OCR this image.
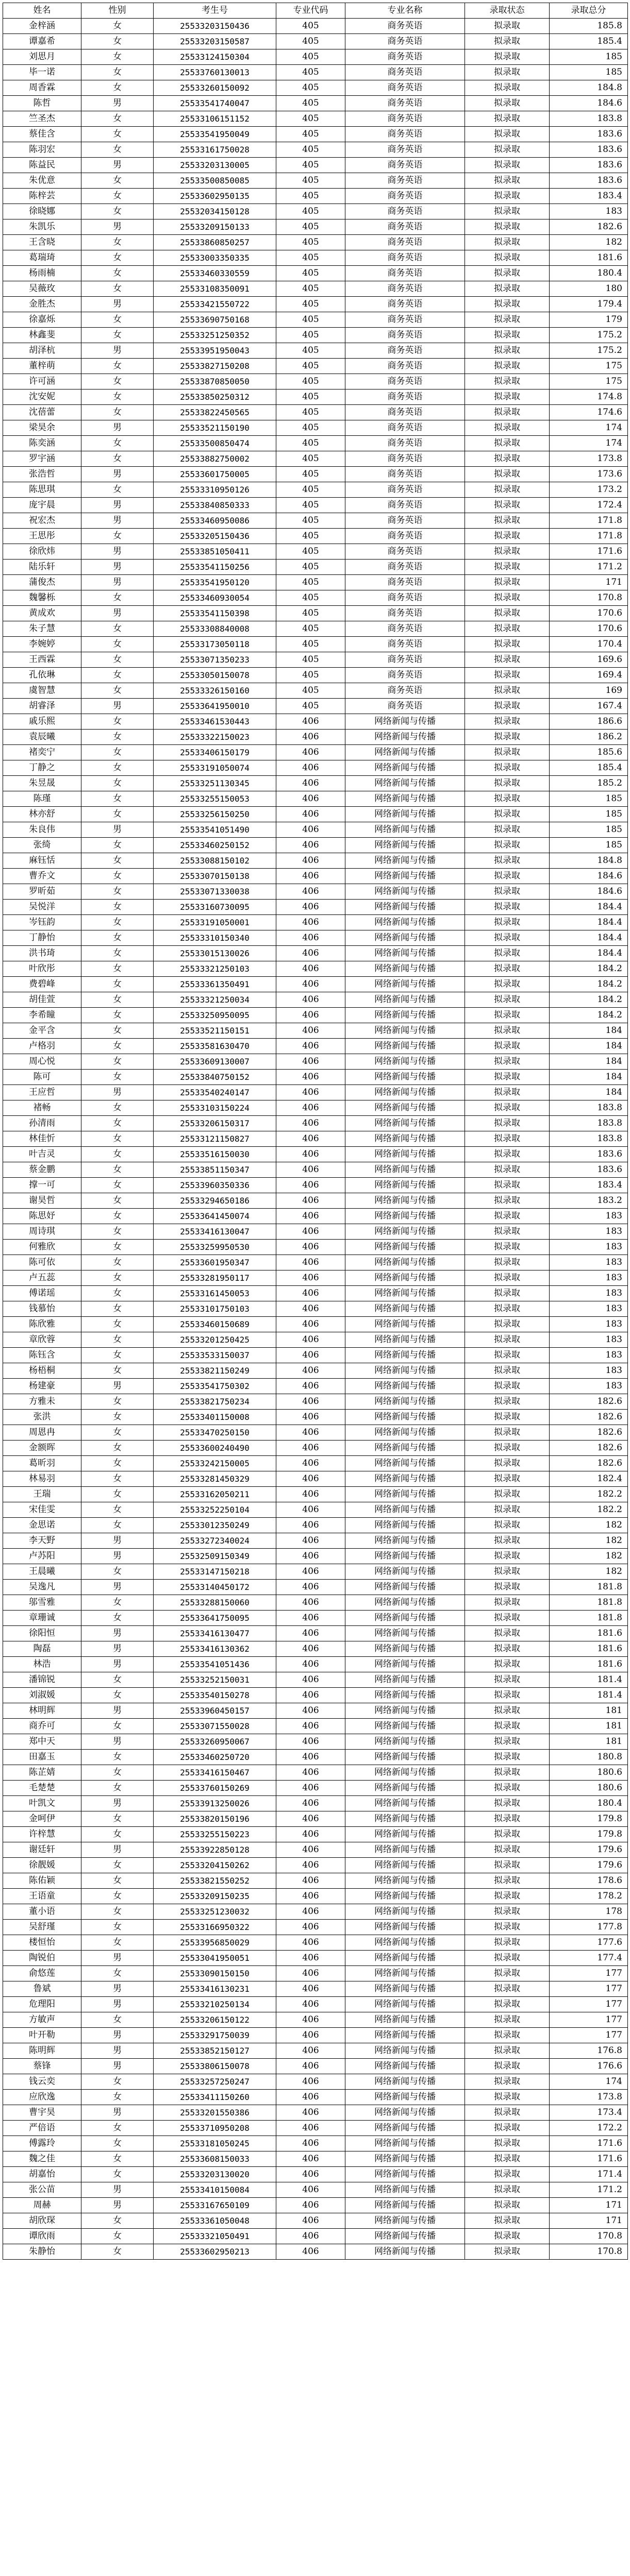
姓名	性别	考生号	专业代码	专业名称	录取状态	录取总分
金梓涵	女	25533203150436	405	商务英语	拟录取	185.8
谭嘉希	女	25533203150587	405	商务英语	拟录取	185.4
刘思月	女	25533124150304	405	商务英语	拟录取	185
毕一诺	女	25533760130013	405	商务英语	拟录取	185
周香霖	女	25533260150092	405	商务英语	拟录取	184.8
陈哲	男	25533541740047	405	商务英语	拟录取	184.6
竺圣杰	女	25533106151152	405	商务英语	拟录取	183.8
蔡佳含	女	25533541950049	405	商务英语	拟录取	183.6
陈羽宏	女	25533161750028	405	商务英语	拟录取	183.6
陈益民	男	25533203130005	405	商务英语	拟录取	183.6
朱优意	女	25533500850085	405	商务英语	拟录取	183.6
陈梓芸	女	25533602950135	405	商务英语	拟录取	183.4
徐晓娜	女	25532034150128	405	商务英语	拟录取	183
朱凯乐	男	25533209150133	405	商务英语	拟录取	182.6
王含晓	女	25533860850257	405	商务英语	拟录取	182
葛瑞琦	女	25533003350335	405	商务英语	拟录取	181.6
杨雨楠	女	25533460330559	405	商务英语	拟录取	180.4
吴薇玫	女	25533108350091	405	商务英语	拟录取	180
金胜杰	男	25533421550722	405	商务英语	拟录取	179.4
徐嘉烁	女	25533690750168	405	商务英语	拟录取	179
林鑫斐	女	25533251250352	405	商务英语	拟录取	175.2
胡泽杭	男	25533951950043	405	商务英语	拟录取	175.2
董梓萌	女	25533827150208	405	商务英语	拟录取	175
许可涵	女	25533870850050	405	商务英语	拟录取	175
沈安妮	女	25533850250312	405	商务英语	拟录取	174.8
沈蓓蕾	女	25533822450565	405	商务英语	拟录取	174.6
梁昊余	男	25533521150190	405	商务英语	拟录取	174
陈奕涵	女	25533500850474	405	商务英语	拟录取	174
罗宇涵	女	25533882750002	405	商务英语	拟录取	173.8
张浩哲	男	25533601750005	405	商务英语	拟录取	173.6
陈思琪	女	25533310950126	405	商务英语	拟录取	173.2
庞宇晨	男	25533840850333	405	商务英语	拟录取	172.4
祝宏杰	男	25533460950086	405	商务英语	拟录取	171.8
王思彤	女	25533205150436	405	商务英语	拟录取	171.8
徐欣炜	男	25533851050411	405	商务英语	拟录取	171.6
陆乐轩	男	25533541150256	405	商务英语	拟录取	171.2
蒲俊杰	男	25533541950120	405	商务英语	拟录取	171
魏馨栎	女	25533460930054	405	商务英语	拟录取	170.8
黄成欢	男	25533541150398	405	商务英语	拟录取	170.6
朱子慧	女	25533308840008	405	商务英语	拟录取	170.6
李婉婷	女	25533173050118	405	商务英语	拟录取	170.4
王西霖	女	25533071350233	405	商务英语	拟录取	169.6
孔依琳	女	25533050150078	405	商务英语	拟录取	169.4
虞智慧	女	25533326150160	405	商务英语	拟录取	169
胡睿泽	男	25533641950010	405	商务英语	拟录取	167.4
戚乐熙	女	25533461530443	406	网络新闻与传播	拟录取	186.6
袁辰曦	女	25533322150023	406	网络新闻与传播	拟录取	186.2
褚奕宁	女	25533406150179	406	网络新闻与传播	拟录取	185.6
丁静之	女	25533191050074	406	网络新闻与传播	拟录取	185.4
朱昱晟	女	25533251130345	406	网络新闻与传播	拟录取	185.2
陈瑾	女	25533255150053	406	网络新闻与传播	拟录取	185
林亦舒	女	25533256150250	406	网络新闻与传播	拟录取	185
朱良伟	男	25533541051490	406	网络新闻与传播	拟录取	185
张绮	女	25533460250152	406	网络新闻与传播	拟录取	185
麻钰恬	女	25533088150102	406	网络新闻与传播	拟录取	184.8
曹乔文	女	25533070150138	406	网络新闻与传播	拟录取	184.6
罗昕茹	女	25533071330038	406	网络新闻与传播	拟录取	184.6
吴悦洋	女	25533160730095	406	网络新闻与传播	拟录取	184.4
岑钰韵	女	25533191050001	406	网络新闻与传播	拟录取	184.4
丁静怡	女	25533310150340	406	网络新闻与传播	拟录取	184.4
洪书琦	女	25533015130026	406	网络新闻与传播	拟录取	184.4
叶欣彤	女	25533321250103	406	网络新闻与传播	拟录取	184.2
费碧峰	女	25533361350491	406	网络新闻与传播	拟录取	184.2
胡佳萱	女	25533321250034	406	网络新闻与传播	拟录取	184.2
李希瞳	女	25533250950095	406	网络新闻与传播	拟录取	184.2
金平含	女	25533521150151	406	网络新闻与传播	拟录取	184
卢格羽	女	25533581630470	406	网络新闻与传播	拟录取	184
周心悦	女	25533609130007	406	网络新闻与传播	拟录取	184
陈可	女	25533840750152	406	网络新闻与传播	拟录取	184
王应哲	男	25533540240147	406	网络新闻与传播	拟录取	184
褚畅	女	25533103150224	406	网络新闻与传播	拟录取	183.8
孙清雨	女	25533206150317	406	网络新闻与传播	拟录取	183.8
林佳忻	女	25533121150827	406	网络新闻与传播	拟录取	183.8
叶吉灵	女	25533516150030	406	网络新闻与传播	拟录取	183.6
蔡金鹏	女	25533851150347	406	网络新闻与传播	拟录取	183.6
撑一可	女	25533960350336	406	网络新闻与传播	拟录取	183.4
谢昊哲	女	25533294650186	406	网络新闻与传播	拟录取	183.2
陈思妤	女	25533641450074	406	网络新闻与传播	拟录取	183
周诗琪	女	25533416130047	406	网络新闻与传播	拟录取	183
何雅欣	女	25533259950530	406	网络新闻与传播	拟录取	183
陈可依	女	25533601950347	406	网络新闻与传播	拟录取	183
卢五蕊	女	25533281950117	406	网络新闻与传播	拟录取	183
傅诺瑶	女	25533161450053	406	网络新闻与传播	拟录取	183
钱慕怡	女	25533101750103	406	网络新闻与传播	拟录取	183
陈欣雅	女	25533460150689	406	网络新闻与传播	拟录取	183
章欣蓉	女	25533201250425	406	网络新闻与传播	拟录取	183
陈钰含	女	25533533150037	406	网络新闻与传播	拟录取	183
杨梧桐	女	25533821150249	406	网络新闻与传播	拟录取	183
杨建豪	男	25533541750302	406	网络新闻与传播	拟录取	183
方雅未	女	25533821750234	406	网络新闻与传播	拟录取	182.6
张洪	女	25533401150008	406	网络新闻与传播	拟录取	182.6
周恩冉	女	25533470250150	406	网络新闻与传播	拟录取	182.6
金额晖	女	25533600240490	406	网络新闻与传播	拟录取	182.6
葛昕羽	女	25533242150005	406	网络新闻与传播	拟录取	182.6
林易羽	女	25533281450329	406	网络新闻与传播	拟录取	182.4
王瑞	女	25533162050211	406	网络新闻与传播	拟录取	182.2
宋佳雯	女	25533252250104	406	网络新闻与传播	拟录取	182.2
金思诺	女	25533012350249	406	网络新闻与传播	拟录取	182
李天野	男	25533272340024	406	网络新闻与传播	拟录取	182
卢苏阳	男	25532509150349	406	网络新闻与传播	拟录取	182
王晨曦	女	25533147150218	406	网络新闻与传播	拟录取	182
吴逸凡	男	25533140450172	406	网络新闻与传播	拟录取	181.8
邬雪雅	女	25533288150060	406	网络新闻与传播	拟录取	181.8
章珊诚	女	25533641750095	406	网络新闻与传播	拟录取	181.8
徐阳恒	男	25533416130477	406	网络新闻与传播	拟录取	181.6
陶磊	男	25533416130362	406	网络新闻与传播	拟录取	181.6
林浩	男	25533541051436	406	网络新闻与传播	拟录取	181.6
潘锦锐	女	25533252150031	406	网络新闻与传播	拟录取	181.4
刘淑媛	女	25533540150278	406	网络新闻与传播	拟录取	181.4
林明辉	男	25533960450157	406	网络新闻与传播	拟录取	181
商乔可	女	25533071550028	406	网络新闻与传播	拟录取	181
郑中天	男	25533260950067	406	网络新闻与传播	拟录取	181
田嘉玉	女	25533460250720	406	网络新闻与传播	拟录取	180.8
陈芷婧	女	25533416150467	406	网络新闻与传播	拟录取	180.6
毛楚楚	女	25533760150269	406	网络新闻与传播	拟录取	180.6
叶凯文	男	25533913250026	406	网络新闻与传播	拟录取	180.4
金呵伊	女	25533820150196	406	网络新闻与传播	拟录取	179.8
许梓慧	女	25533255150223	406	网络新闻与传播	拟录取	179.8
谢廷轩	男	25533922850128	406	网络新闻与传播	拟录取	179.6
徐靓媛	女	25533204150262	406	网络新闻与传播	拟录取	179.6
陈佑颖	女	25533821550252	406	网络新闻与传播	拟录取	178.6
王语童	女	25533209150235	406	网络新闻与传播	拟录取	178.2
董小语	女	25533251230032	406	网络新闻与传播	拟录取	178
吴舒瑾	女	25533166950322	406	网络新闻与传播	拟录取	177.8
楼恒怡	女	25533956850029	406	网络新闻与传播	拟录取	177.6
陶锐伯	男	25533041950051	406	网络新闻与传播	拟录取	177.4
俞悠莲	女	25533090150150	406	网络新闻与传播	拟录取	177
鲁斌	男	25533416130231	406	网络新闻与传播	拟录取	177
危理阳	男	25533210250134	406	网络新闻与传播	拟录取	177
方敏声	女	25533206150122	406	网络新闻与传播	拟录取	177
叶开勒	男	25533291750039	406	网络新闻与传播	拟录取	177
陈明辉	男	25533852150127	406	网络新闻与传播	拟录取	176.8
蔡锋	男	25533806150078	406	网络新闻与传播	拟录取	176.6
钱云奕	女	25533257250247	406	网络新闻与传播	拟录取	174
应欣逸	女	25533411150260	406	网络新闻与传播	拟录取	173.8
曹宇昊	男	25533201550386	406	网络新闻与传播	拟录取	173.4
严倍语	女	25533710950208	406	网络新闻与传播	拟录取	172.2
傅露玲	女	25533181050245	406	网络新闻与传播	拟录取	171.6
魏之佳	女	25533608150033	406	网络新闻与传播	拟录取	171.6
胡嘉怡	女	25533203130020	406	网络新闻与传播	拟录取	171.4
张公苗	男	25533410150084	406	网络新闻与传播	拟录取	171.2
周赫	男	25533167650109	406	网络新闻与传播	拟录取	171
胡欣琛	女	25533361050048	406	网络新闻与传播	拟录取	171
谭欣雨	女	25533321050491	406	网络新闻与传播	拟录取	170.8
朱静怡	女	25533602950213	406	网络新闻与传播	拟录取	170.8
